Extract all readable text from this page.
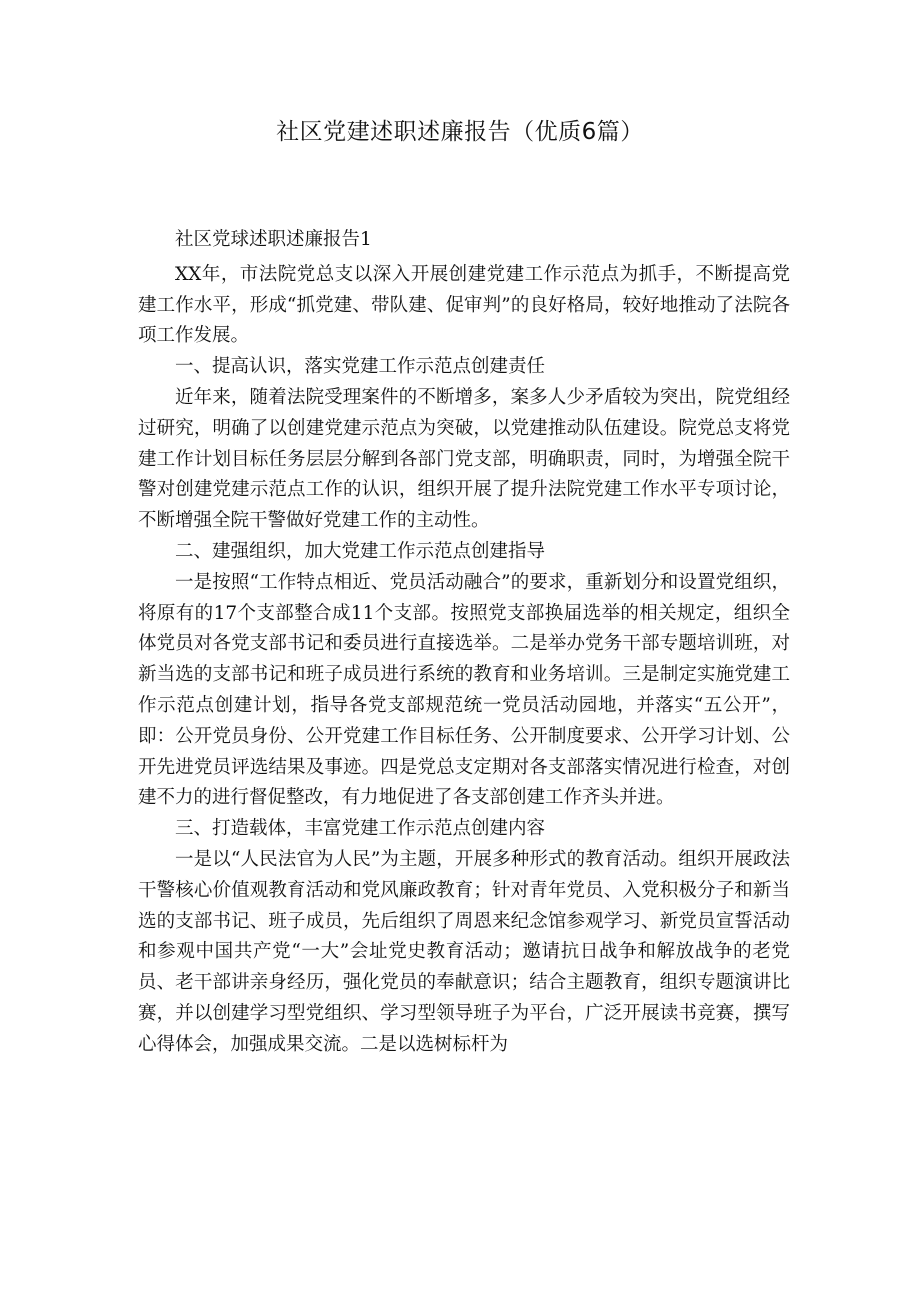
社区党建述职述廉报告（优质6篇）

社区党球述职述廉报告1

XX年，市法院党总支以深入开展创建党建工作示范点为抓手，不断提高党建工作水平，形成“抓党建、带队建、促审判”的良好格局，较好地推动了法院各项工作发展。

一、提高认识，落实党建工作示范点创建责任

近年来，随着法院受理案件的不断增多，案多人少矛盾较为突出，院党组经过研究，明确了以创建党建示范点为突破，以党建推动队伍建设。院党总支将党建工作计划目标任务层层分解到各部门党支部，明确职责，同时，为增强全院干警对创建党建示范点工作的认识，组织开展了提升法院党建工作水平专项讨论，不断增强全院干警做好党建工作的主动性。

二、建强组织，加大党建工作示范点创建指导

一是按照“工作特点相近、党员活动融合”的要求，重新划分和设置党组织，将原有的17个支部整合成11个支部。按照党支部换届选举的相关规定，组织全体党员对各党支部书记和委员进行直接选举。二是举办党务干部专题培训班，对新当选的支部书记和班子成员进行系统的教育和业务培训。三是制定实施党建工作示范点创建计划，指导各党支部规范统一党员活动园地，并落实“五公开”，即：公开党员身份、公开党建工作目标任务、公开制度要求、公开学习计划、公开先进党员评选结果及事迹。四是党总支定期对各支部落实情况进行检查，对创建不力的进行督促整改，有力地促进了各支部创建工作齐头并进。

三、打造载体，丰富党建工作示范点创建内容

一是以“人民法官为人民”为主题，开展多种形式的教育活动。组织开展政法干警核心价值观教育活动和党风廉政教育；针对青年党员、入党积极分子和新当选的支部书记、班子成员，先后组织了周恩来纪念馆参观学习、新党员宣誓活动和参观中国共产党“一大”会址党史教育活动；邀请抗日战争和解放战争的老党员、老干部讲亲身经历，强化党员的奉献意识；结合主题教育，组织专题演讲比赛，并以创建学习型党组织、学习型领导班子为平台，广泛开展读书竞赛，撰写心得体会，加强成果交流。二是以选树标杆为
